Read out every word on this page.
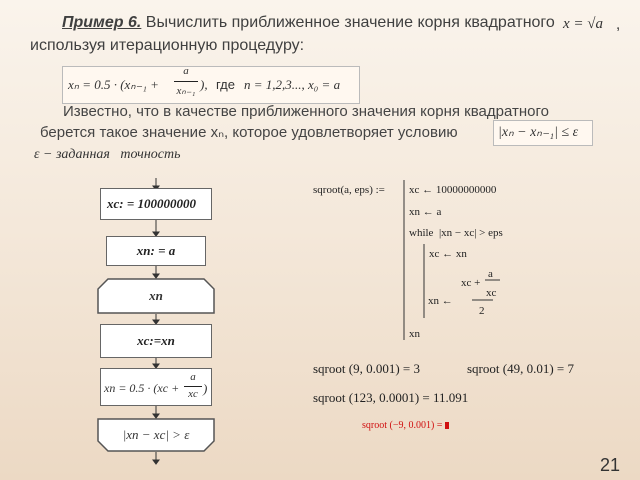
Пример 6. Вычислить приближенное значение корня квадратного x = √a ,
используя итерационную процедуру:
xₙ = 0.5 · (xₙ₋₁ +
a
xₙ₋₁ ), где n = 1,2,3..., x₀ = a
Известно, что в качестве приближенного значения корня квадратного
берется такое значение xₙ, которое удовлетворяет условию	|xₙ − xₙ₋₁| ≤ ε
ε − заданная   точность
xc: = 100000000
xn: = a
xn
xc:=xn
xn = 0.5 · (xc +
a
xc )
|xn − xc| > ε
sqroot(a, eps) := xc ← 10000000000
xn ← a
while  |xn − xc| > eps
xc ← xn
a
xc +
xc
xn ←
2
xn
sqroot (9, 0.001) = 3	sqroot (49, 0.01) = 7
sqroot (123, 0.0001) = 11.091
sqroot (−9, 0.001) =
21
